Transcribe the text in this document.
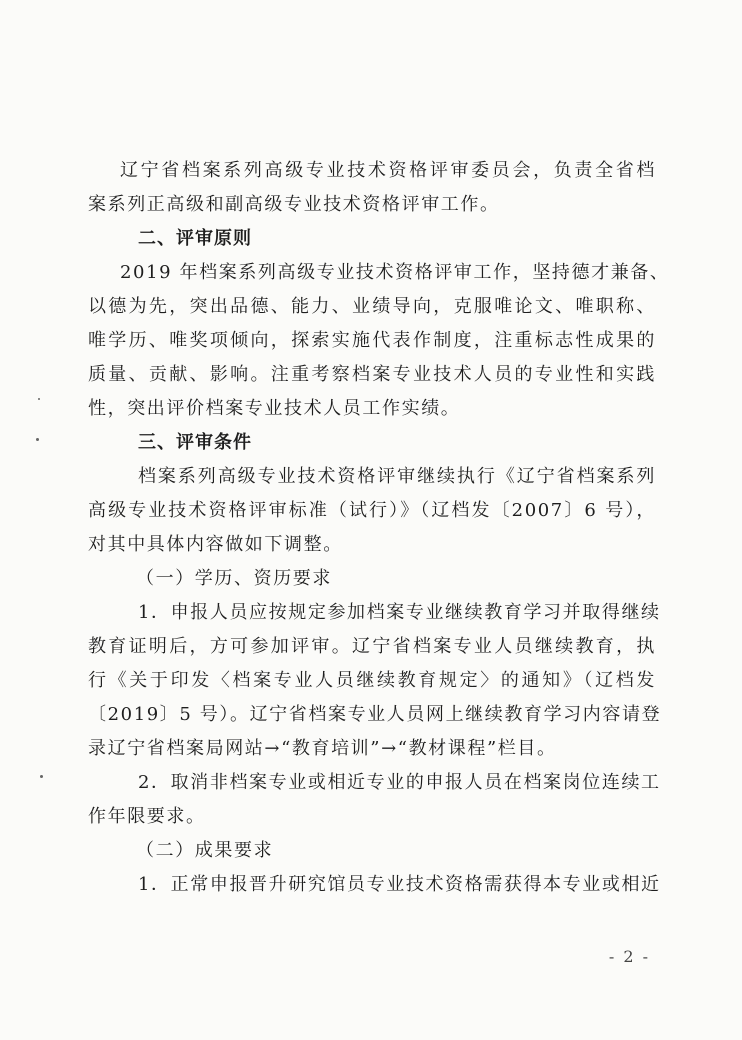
辽宁省档案系列高级专业技术资格评审委员会，负责全省档
案系列正高级和副高级专业技术资格评审工作。
二、评审原则
2019 年档案系列高级专业技术资格评审工作，坚持德才兼备、
以德为先，突出品德、能力、业绩导向，克服唯论文、唯职称、
唯学历、唯奖项倾向，探索实施代表作制度，注重标志性成果的
质量、贡献、影响。注重考察档案专业技术人员的专业性和实践
性，突出评价档案专业技术人员工作实绩。
三、评审条件
档案系列高级专业技术资格评审继续执行《辽宁省档案系列
高级专业技术资格评审标准（试行）》（辽档发〔2007〕6 号），
对其中具体内容做如下调整。
（一）学历、资历要求
1．申报人员应按规定参加档案专业继续教育学习并取得继续
教育证明后，方可参加评审。辽宁省档案专业人员继续教育，执
行《关于印发〈档案专业人员继续教育规定〉的通知》（辽档发
〔2019〕5 号）。辽宁省档案专业人员网上继续教育学习内容请登
录辽宁省档案局网站→“教育培训”→“教材课程”栏目。
2．取消非档案专业或相近专业的申报人员在档案岗位连续工
作年限要求。
（二）成果要求
1．正常申报晋升研究馆员专业技术资格需获得本专业或相近
- 2 -
